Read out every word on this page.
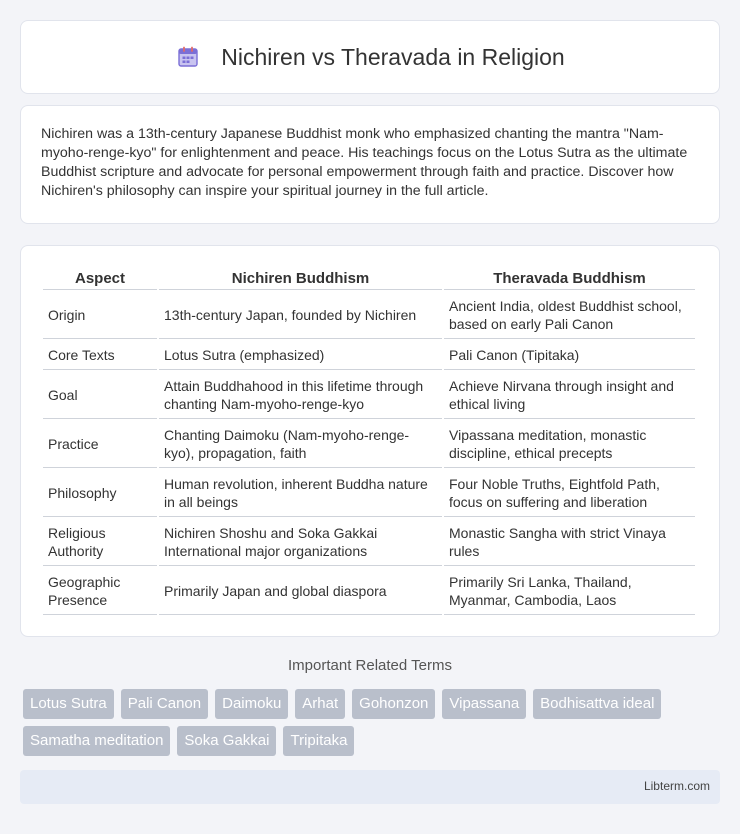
Nichiren vs Theravada in Religion

Nichiren was a 13th-century Japanese Buddhist monk who emphasized chanting the mantra "Nam-myoho-renge-kyo" for enlightenment and peace. His teachings focus on the Lotus Sutra as the ultimate Buddhist scripture and advocate for personal empowerment through faith and practice. Discover how Nichiren's philosophy can inspire your spiritual journey in the full article.

Aspect	Nichiren Buddhism	Theravada Buddhism
Origin	13th-century Japan, founded by Nichiren	Ancient India, oldest Buddhist school, based on early Pali Canon
Core Texts	Lotus Sutra (emphasized)	Pali Canon (Tipitaka)
Goal	Attain Buddhahood in this lifetime through chanting Nam-myoho-renge-kyo	Achieve Nirvana through insight and ethical living
Practice	Chanting Daimoku (Nam-myoho-renge-kyo), propagation, faith	Vipassana meditation, monastic discipline, ethical precepts
Philosophy	Human revolution, inherent Buddha nature in all beings	Four Noble Truths, Eightfold Path, focus on suffering and liberation
Religious Authority	Nichiren Shoshu and Soka Gakkai International major organizations	Monastic Sangha with strict Vinaya rules
Geographic Presence	Primarily Japan and global diaspora	Primarily Sri Lanka, Thailand, Myanmar, Cambodia, Laos
Important Related Terms
Lotus Sutra	Pali Canon	Daimoku	Arhat	Gohonzon	Vipassana	Bodhisattva ideal
Samatha meditation	Soka Gakkai	Tripitaka
Libterm.com
